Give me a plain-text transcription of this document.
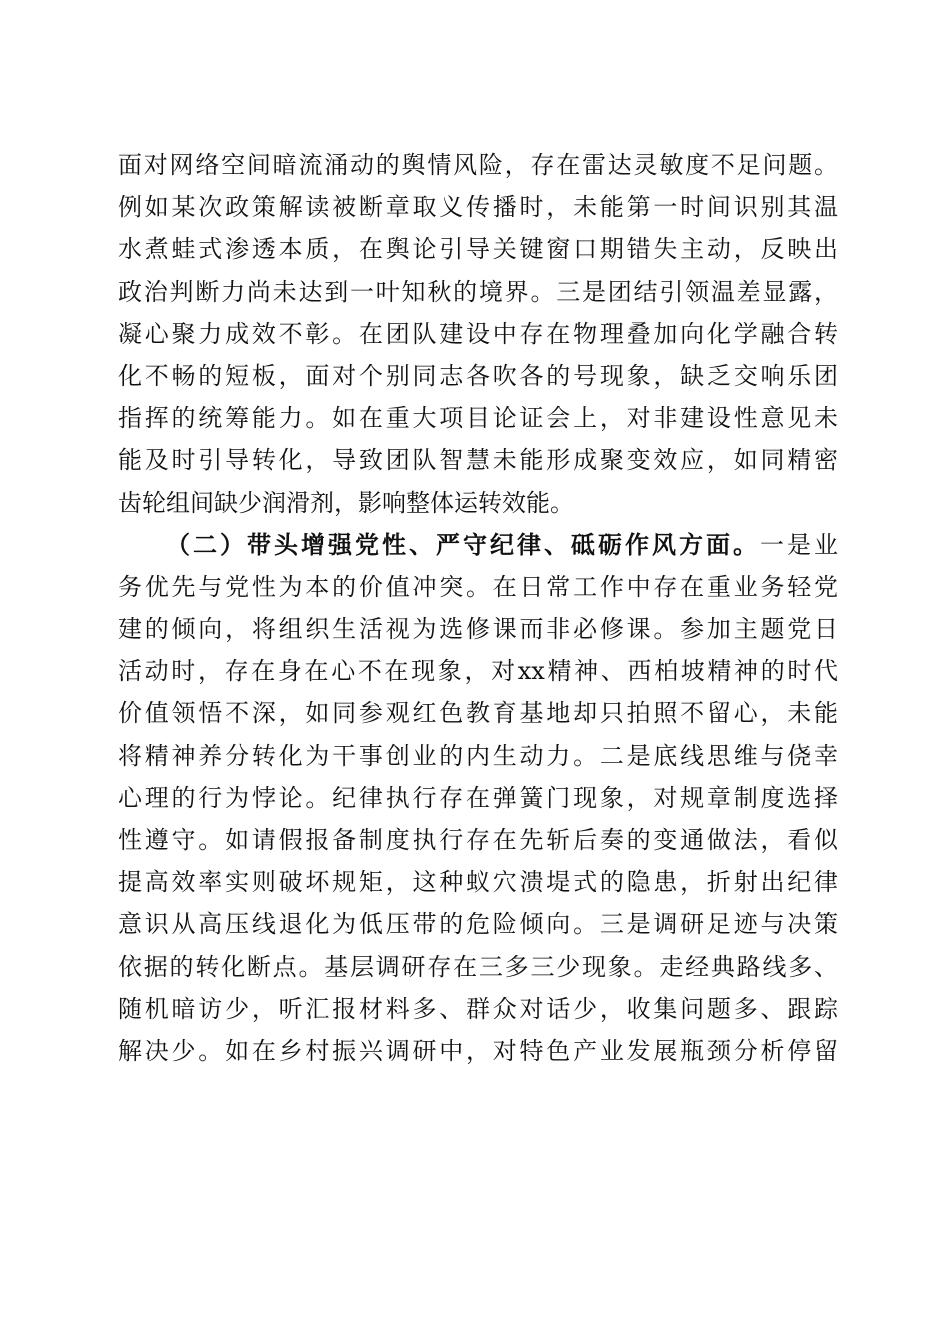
面对网络空间暗流涌动的舆情风险，存在雷达灵敏度不足问题。
例如某次政策解读被断章取义传播时，未能第一时间识别其温
水煮蛙式渗透本质，在舆论引导关键窗口期错失主动，反映出
政治判断力尚未达到一叶知秋的境界。三是团结引领温差显露，
凝心聚力成效不彰。在团队建设中存在物理叠加向化学融合转
化不畅的短板，面对个别同志各吹各的号现象，缺乏交响乐团
指挥的统筹能力。如在重大项目论证会上，对非建设性意见未
能及时引导转化，导致团队智慧未能形成聚变效应，如同精密
齿轮组间缺少润滑剂，影响整体运转效能。
（二）带头增强党性、严守纪律、砥砺作风方面。一是业
务优先与党性为本的价值冲突。在日常工作中存在重业务轻党
建的倾向，将组织生活视为选修课而非必修课。参加主题党日
活动时，存在身在心不在现象，对xx精神、西柏坡精神的时代
价值领悟不深，如同参观红色教育基地却只拍照不留心，未能
将精神养分转化为干事创业的内生动力。二是底线思维与侥幸
心理的行为悖论。纪律执行存在弹簧门现象，对规章制度选择
性遵守。如请假报备制度执行存在先斩后奏的变通做法，看似
提高效率实则破坏规矩，这种蚁穴溃堤式的隐患，折射出纪律
意识从高压线退化为低压带的危险倾向。三是调研足迹与决策
依据的转化断点。基层调研存在三多三少现象。走经典路线多、
随机暗访少，听汇报材料多、群众对话少，收集问题多、跟踪
解决少。如在乡村振兴调研中，对特色产业发展瓶颈分析停留
